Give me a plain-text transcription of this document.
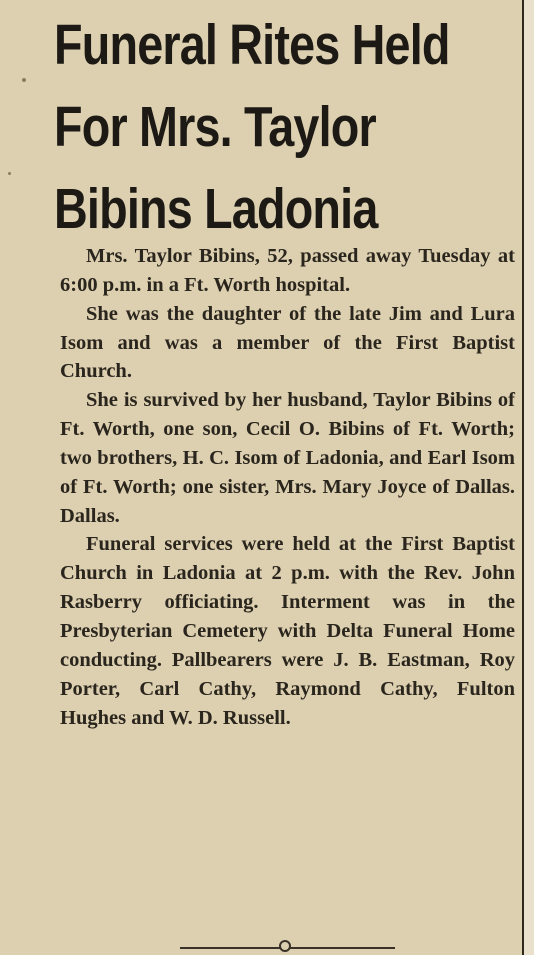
Funeral Rites Held
For Mrs. Taylor
Bibins Ladonia

Mrs. Taylor Bibins, 52, passed away Tuesday at 6:00 p.m. in a Ft. Worth hospital.

She was the daughter of the late Jim and Lura Isom and was a member of the First Baptist Church.

She is survived by her husband, Taylor Bibins of Ft. Worth, one son, Cecil O. Bibins of Ft. Worth; two brothers, H. C. Isom of Ladonia, and Earl Isom of Ft. Worth; one sister, Mrs. Mary Joyce of Dallas. Dallas.

Funeral services were held at the First Baptist Church in Ladonia at 2 p.m. with the Rev. John Rasberry officiating. Interment was in the Presbyterian Cemetery with Delta Funeral Home conducting. Pallbearers were J. B. Eastman, Roy Porter, Carl Cathy, Raymond Cathy, Fulton Hughes and W. D. Russell.
